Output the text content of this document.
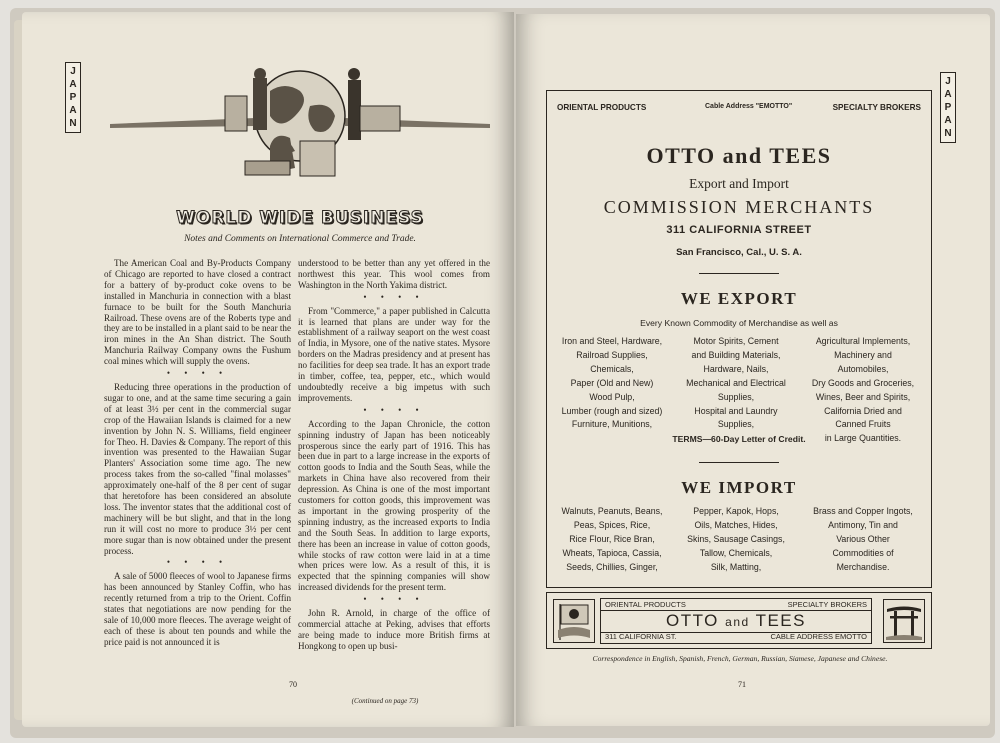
J
A
P
A
N
WORLD WIDE BUSINESS
Notes and Comments on International Commerce and Trade.

The American Coal and By-Products Company of Chicago are reported to have closed a contract for a battery of by-product coke ovens to be installed in Manchuria in connection with a blast furnace to be built for the South Manchuria Railroad. These ovens are of the Roberts type and they are to be installed in a plant said to be near the iron mines in the An Shan district. The South Manchuria Railway Company owns the Fushum coal mines which will supply the ovens.

• • • •

Reducing three operations in the production of sugar to one, and at the same time securing a gain of at least 3½ per cent in the commercial sugar crop of the Hawaiian Islands is claimed for a new invention by John N. S. Williams, field engineer for Theo. H. Davies & Company. The report of this invention was presented to the Hawaiian Sugar Planters' Association some time ago. The new process takes from the so-called "final molasses" approximately one-half of the 8 per cent of sugar that heretofore has been considered an absolute loss. The inventor states that the additional cost of machinery will be but slight, and that in the long run it will cost no more to produce 3½ per cent more sugar than is now obtained under the present process.

• • • •

A sale of 5000 fleeces of wool to Japanese firms has been announced by Stanley Coffin, who has recently returned from a trip to the Orient. Coffin states that negotiations are now pending for the sale of 10,000 more fleeces. The average weight of each of these is about ten pounds and while the price paid is not announced it is

understood to be better than any yet offered in the northwest this year. This wool comes from Washington in the North Yakima district.

• • • •

From "Commerce," a paper published in Calcutta it is learned that plans are under way for the establishment of a railway seaport on the west coast of India, in Mysore, one of the native states. Mysore borders on the Madras presidency and at present has no facilities for deep sea trade. It has an export trade in timber, coffee, tea, pepper, etc., which would undoubtedly receive a big impetus with such improvements.

• • • •

According to the Japan Chronicle, the cotton spinning industry of Japan has been noticeably prosperous since the early part of 1916. This has been due in part to a large increase in the exports of cotton goods to India and the South Seas, while the markets in China have also recovered from their depression. As China is one of the most important customers for cotton goods, this improvement was as important in the growing prosperity of the spinning industry, as the increased exports to India and the South Seas. In addition to large exports, there has been an increase in value of cotton goods, while stocks of raw cotton were laid in at a time when prices were low. As a result of this, it is expected that the spinning companies will show increased dividends for the present term.

• • • •

John R. Arnold, in charge of the office of commercial attache at Peking, advises that efforts are being made to induce more British firms at Hongkong to open up busi-

70
(Continued on page 73)
J
A
P
A
N
ORIENTAL PRODUCTS	Cable Address "EMOTTO"	SPECIALTY BROKERS
OTTO and TEES
Export and Import
COMMISSION MERCHANTS
311 CALIFORNIA STREET
San Francisco, Cal., U. S. A.
WE EXPORT
Every Known Commodity of Merchandise as well as
Iron and Steel, Hardware,
Railroad Supplies,
Chemicals,
Paper (Old and New)
Wood Pulp,
Lumber (rough and sized)
Furniture, Munitions,
Motor Spirits, Cement
and Building Materials,
Hardware, Nails,
Mechanical and Electrical
Supplies,
Hospital and Laundry
Supplies,
Agricultural Implements,
Machinery and
Automobiles,
Dry Goods and Groceries,
Wines, Beer and Spirits,
California Dried and
Canned Fruits
in Large Quantities.
TERMS—60-Day Letter of Credit.
WE IMPORT
Walnuts, Peanuts, Beans,
Peas, Spices, Rice,
Rice Flour, Rice Bran,
Wheats, Tapioca, Cassia,
Seeds, Chillies, Ginger,
Pepper, Kapok, Hops,
Oils, Matches, Hides,
Skins, Sausage Casings,
Tallow, Chemicals,
Silk, Matting,
Brass and Copper Ingots,
Antimony, Tin and
Various Other
Commodities of
Merchandise.
ORIENTAL PRODUCTS	SPECIALTY BROKERS
OTTO and TEES
311 CALIFORNIA ST.	CABLE ADDRESS EMOTTO
Correspondence in English, Spanish, French, German, Russian, Siamese, Japanese and Chinese.
71
